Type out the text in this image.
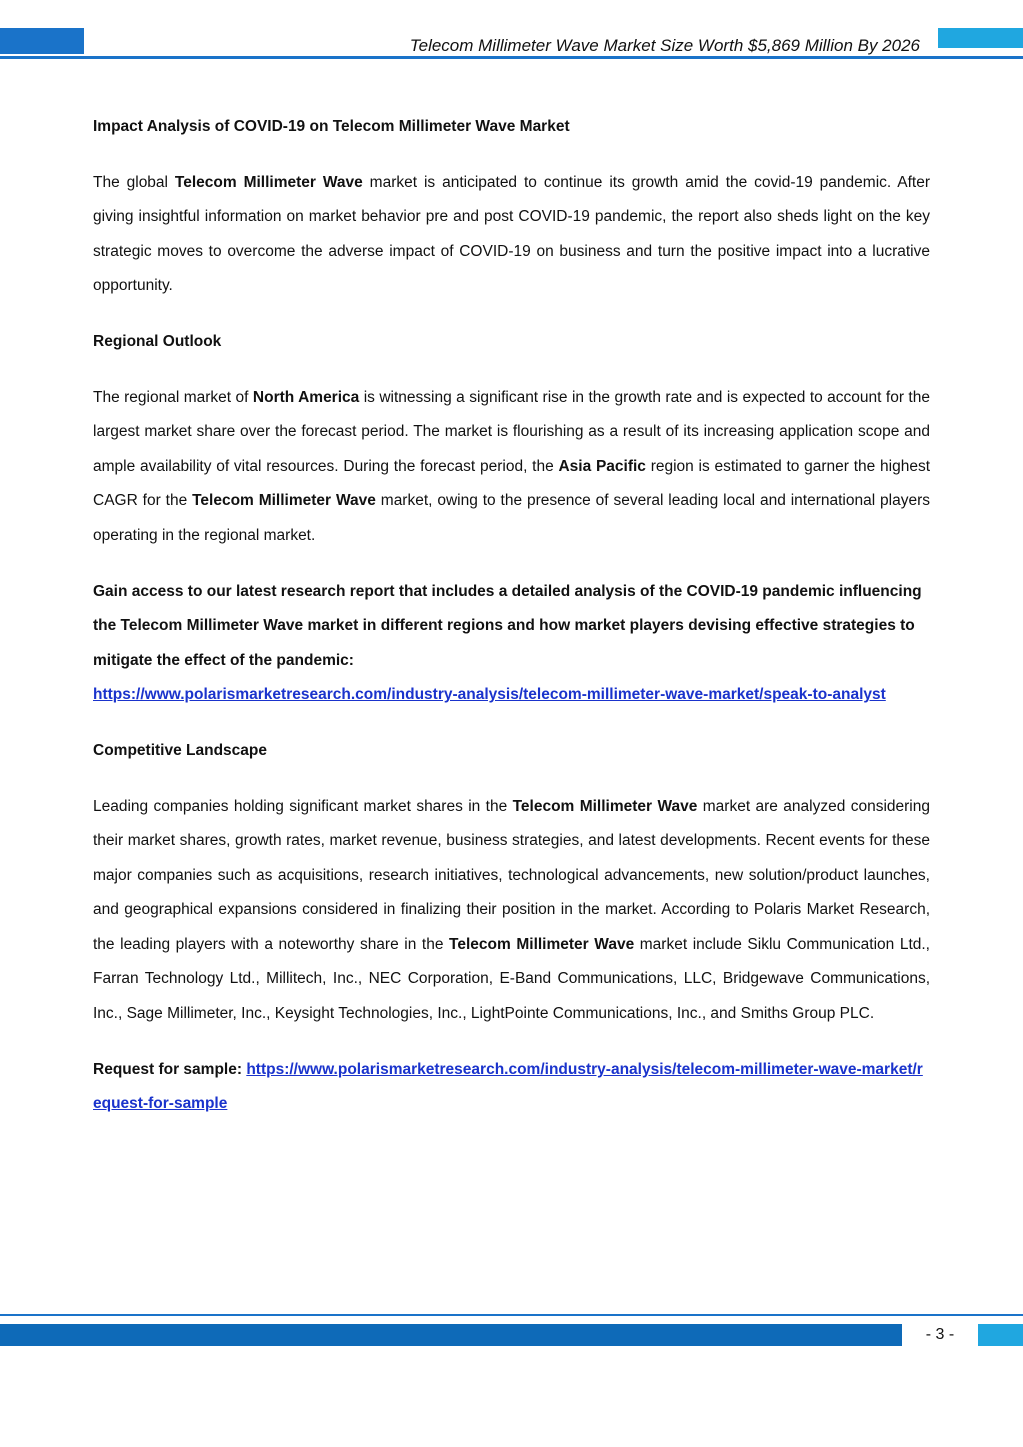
Telecom Millimeter Wave Market Size Worth $5,869 Million By 2026

Impact Analysis of COVID-19 on Telecom Millimeter Wave Market

The global Telecom Millimeter Wave market is anticipated to continue its growth amid the covid-19 pandemic. After giving insightful information on market behavior pre and post COVID-19 pandemic, the report also sheds light on the key strategic moves to overcome the adverse impact of COVID-19 on business and turn the positive impact into a lucrative opportunity.

Regional Outlook

The regional market of North America is witnessing a significant rise in the growth rate and is expected to account for the largest market share over the forecast period. The market is flourishing as a result of its increasing application scope and ample availability of vital resources. During the forecast period, the Asia Pacific region is estimated to garner the highest CAGR for the Telecom Millimeter Wave market, owing to the presence of several leading local and international players operating in the regional market.

Gain access to our latest research report that includes a detailed analysis of the COVID-19 pandemic influencing the Telecom Millimeter Wave market in different regions and how market players devising effective strategies to mitigate the effect of the pandemic:
https://www.polarismarketresearch.com/industry-analysis/telecom-millimeter-wave-market/speak-to-analyst

Competitive Landscape

Leading companies holding significant market shares in the Telecom Millimeter Wave market are analyzed considering their market shares, growth rates, market revenue, business strategies, and latest developments. Recent events for these major companies such as acquisitions, research initiatives, technological advancements, new solution/product launches, and geographical expansions considered in finalizing their position in the market. According to Polaris Market Research, the leading players with a noteworthy share in the Telecom Millimeter Wave market include Siklu Communication Ltd., Farran Technology Ltd., Millitech, Inc., NEC Corporation, E-Band Communications, LLC, Bridgewave Communications, Inc., Sage Millimeter, Inc., Keysight Technologies, Inc., LightPointe Communications, Inc., and Smiths Group PLC.

Request for sample: https://www.polarismarketresearch.com/industry-analysis/telecom-millimeter-wave-market/request-for-sample

- 3 -
